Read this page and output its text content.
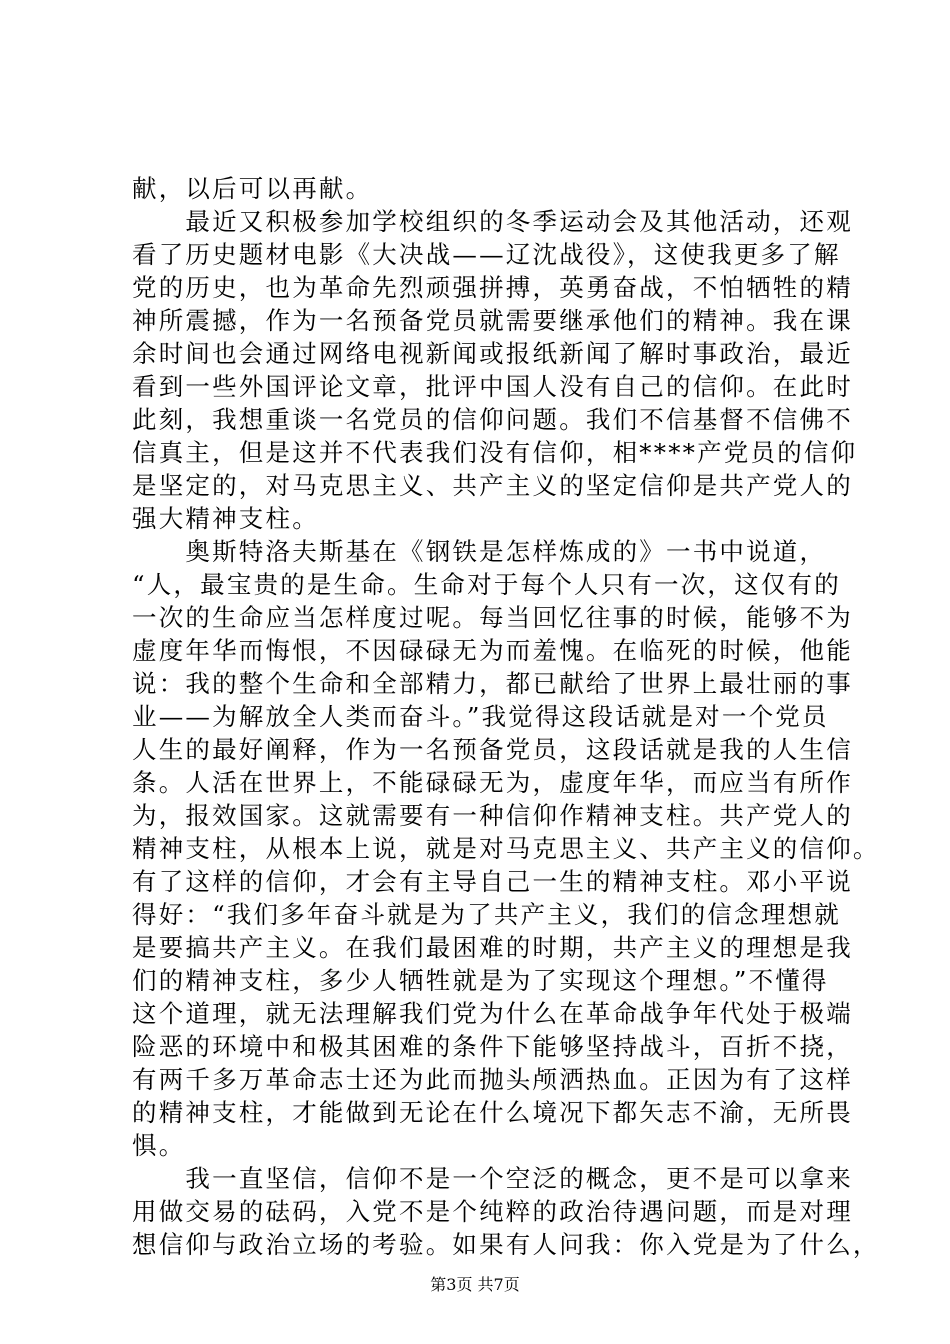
献，以后可以再献。
　　最近又积极参加学校组织的冬季运动会及其他活动，还观
看了历史题材电影《大决战——辽沈战役》，这使我更多了解
党的历史，也为革命先烈顽强拼搏，英勇奋战，不怕牺牲的精
神所震撼，作为一名预备党员就需要继承他们的精神。我在课
余时间也会通过网络电视新闻或报纸新闻了解时事政治，最近
看到一些外国评论文章，批评中国人没有自己的信仰。在此时
此刻，我想重谈一名党员的信仰问题。我们不信基督不信佛不
信真主，但是这并不代表我们没有信仰，相****产党员的信仰
是坚定的，对马克思主义、共产主义的坚定信仰是共产党人的
强大精神支柱。
　　奥斯特洛夫斯基在《钢铁是怎样炼成的》一书中说道，
“人，最宝贵的是生命。生命对于每个人只有一次，这仅有的
一次的生命应当怎样度过呢。每当回忆往事的时候，能够不为
虚度年华而悔恨，不因碌碌无为而羞愧。在临死的时候，他能
说：我的整个生命和全部精力，都已献给了世界上最壮丽的事
业——为解放全人类而奋斗。”我觉得这段话就是对一个党员
人生的最好阐释，作为一名预备党员，这段话就是我的人生信
条。人活在世界上，不能碌碌无为，虚度年华，而应当有所作
为，报效国家。这就需要有一种信仰作精神支柱。共产党人的
精神支柱，从根本上说，就是对马克思主义、共产主义的信仰。
有了这样的信仰，才会有主导自己一生的精神支柱。邓小平说
得好：“我们多年奋斗就是为了共产主义，我们的信念理想就
是要搞共产主义。在我们最困难的时期，共产主义的理想是我
们的精神支柱，多少人牺牲就是为了实现这个理想。”不懂得
这个道理，就无法理解我们党为什么在革命战争年代处于极端
险恶的环境中和极其困难的条件下能够坚持战斗，百折不挠，
有两千多万革命志士还为此而抛头颅洒热血。正因为有了这样
的精神支柱，才能做到无论在什么境况下都矢志不渝，无所畏
惧。
　　我一直坚信，信仰不是一个空泛的概念，更不是可以拿来
用做交易的砝码，入党不是个纯粹的政治待遇问题，而是对理
想信仰与政治立场的考验。如果有人问我：你入党是为了什么，
第3页 共7页
